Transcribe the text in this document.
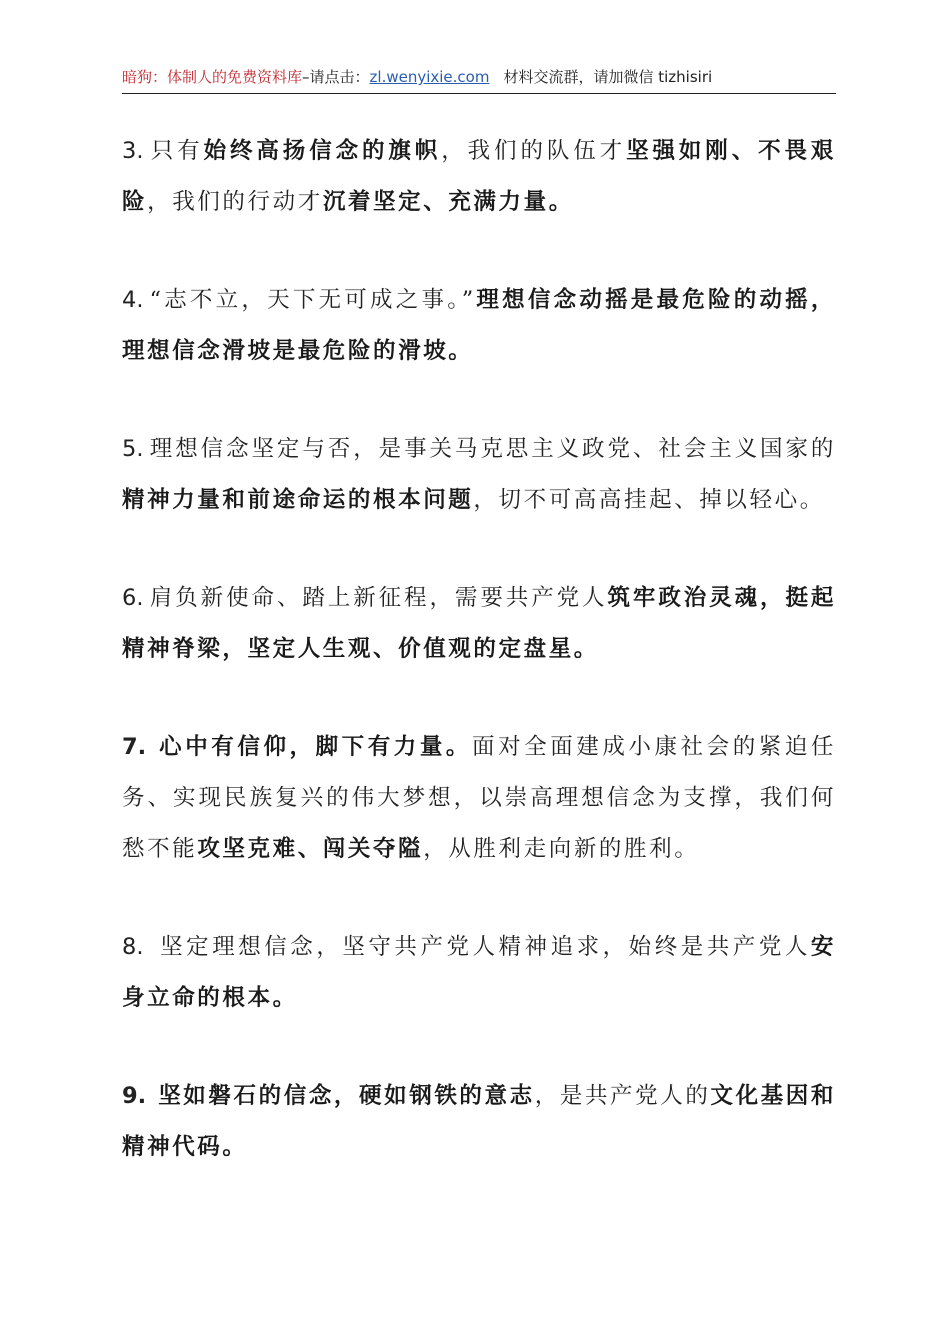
暗狗：体制人的免费资料库–请点击：zl.wenyixie.com 材料交流群，请加微信 tizhisiri

3. 只有始终高扬信念的旗帜，我们的队伍才坚强如刚、不畏艰险，我们的行动才沉着坚定、充满力量。

4. “志不立，天下无可成之事。”理想信念动摇是最危险的动摇，理想信念滑坡是最危险的滑坡。

5. 理想信念坚定与否，是事关马克思主义政党、社会主义国家的精神力量和前途命运的根本问题，切不可高高挂起、掉以轻心。

6. 肩负新使命、踏上新征程，需要共产党人筑牢政治灵魂，挺起精神脊梁，坚定人生观、价值观的定盘星。

7. 心中有信仰，脚下有力量。面对全面建成小康社会的紧迫任务、实现民族复兴的伟大梦想，以崇高理想信念为支撑，我们何愁不能攻坚克难、闯关夺隘，从胜利走向新的胜利。

8. 坚定理想信念，坚守共产党人精神追求，始终是共产党人安身立命的根本。

9. 坚如磐石的信念，硬如钢铁的意志，是共产党人的文化基因和精神代码。
